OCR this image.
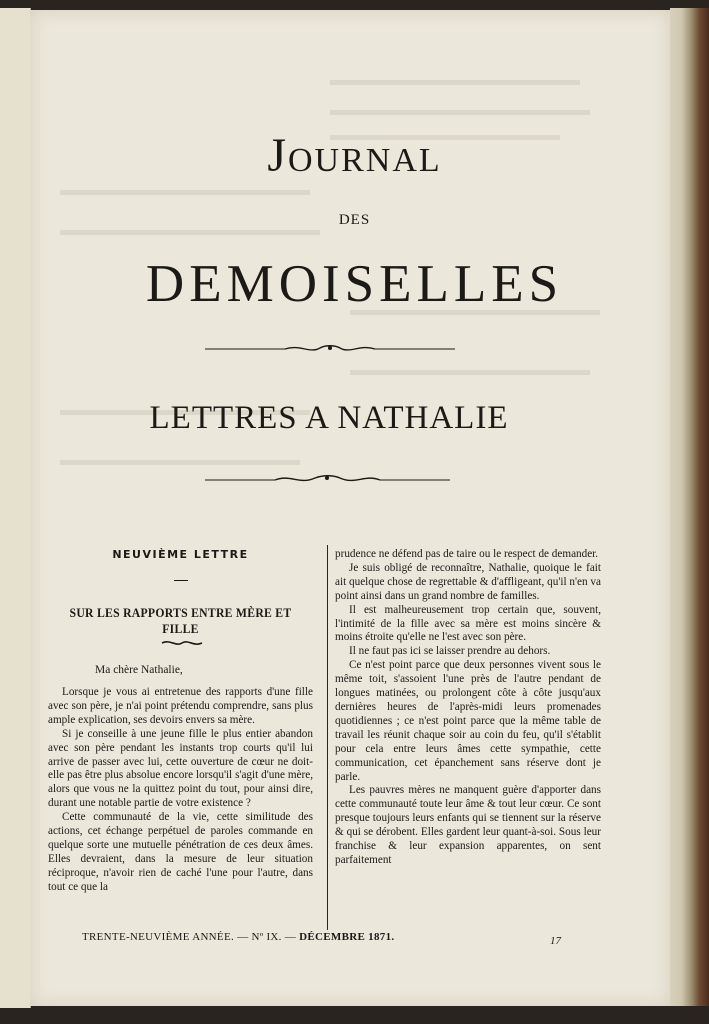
JOURNAL
DES
DEMOISELLES
LETTRES A NATHALIE
NEUVIÈME LETTRE
SUR LES RAPPORTS ENTRE MÈRE ET FILLE
Ma chère Nathalie,

Lorsque je vous ai entretenue des rapports d'une fille avec son père, je n'ai point prétendu comprendre, sans plus ample explication, ses devoirs envers sa mère.

Si je conseille à une jeune fille le plus entier abandon avec son père pendant les instants trop courts qu'il lui arrive de passer avec lui, cette ouverture de cœur ne doit-elle pas être plus absolue encore lorsqu'il s'agit d'une mère, alors que vous ne la quittez point du tout, pour ainsi dire, durant une notable partie de votre existence ?

Cette communauté de la vie, cette similitude des actions, cet échange perpétuel de paroles commande en quelque sorte une mutuelle pénétration de ces deux âmes. Elles devraient, dans la mesure de leur situation réciproque, n'avoir rien de caché l'une pour l'autre, dans tout ce que la

prudence ne défend pas de taire ou le respect de demander.

Je suis obligé de reconnaître, Nathalie, quoique le fait ait quelque chose de regrettable & d'affligeant, qu'il n'en va point ainsi dans un grand nombre de familles.

Il est malheureusement trop certain que, souvent, l'intimité de la fille avec sa mère est moins sincère & moins étroite qu'elle ne l'est avec son père.

Il ne faut pas ici se laisser prendre au dehors.

Ce n'est point parce que deux personnes vivent sous le même toit, s'assoient l'une près de l'autre pendant de longues matinées, ou prolongent côte à côte jusqu'aux dernières heures de l'après-midi leurs promenades quotidiennes ; ce n'est point parce que la même table de travail les réunit chaque soir au coin du feu, qu'il s'établit pour cela entre leurs âmes cette sympathie, cette communication, cet épanchement sans réserve dont je parle.

Les pauvres mères ne manquent guère d'apporter dans cette communauté toute leur âme & tout leur cœur. Ce sont presque toujours leurs enfants qui se tiennent sur la réserve & qui se dérobent. Elles gardent leur quant-à-soi. Sous leur franchise & leur expansion apparentes, on sent parfaitement

TRENTE-NEUVIÈME ANNÉE. — Nº IX. — DÉCEMBRE 1871.	17
